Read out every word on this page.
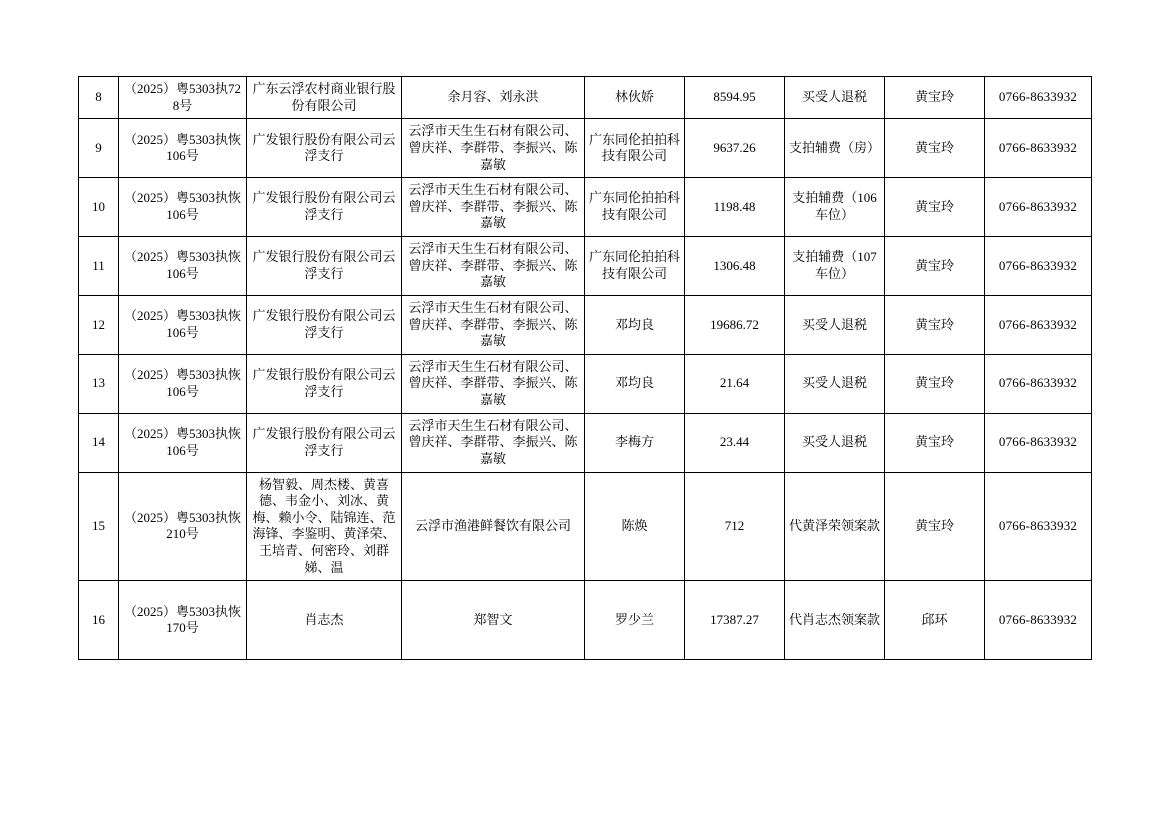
8	（2025）粤5303执728号	广东云浮农村商业银行股份有限公司	余月容、刘永洪	林伙娇	8594.95	买受人退税	黄宝玲	0766-8633932
9	（2025）粤5303执恢106号	广发银行股份有限公司云浮支行	云浮市天生生石材有限公司、曾庆祥、李群带、李振兴、陈嘉敏	广东同伦拍拍科技有限公司	9637.26	支拍辅费（房）	黄宝玲	0766-8633932
10	（2025）粤5303执恢106号	广发银行股份有限公司云浮支行	云浮市天生生石材有限公司、曾庆祥、李群带、李振兴、陈嘉敏	广东同伦拍拍科技有限公司	1198.48	支拍辅费（106车位）	黄宝玲	0766-8633932
11	（2025）粤5303执恢106号	广发银行股份有限公司云浮支行	云浮市天生生石材有限公司、曾庆祥、李群带、李振兴、陈嘉敏	广东同伦拍拍科技有限公司	1306.48	支拍辅费（107车位）	黄宝玲	0766-8633932
12	（2025）粤5303执恢106号	广发银行股份有限公司云浮支行	云浮市天生生石材有限公司、曾庆祥、李群带、李振兴、陈嘉敏	邓均良	19686.72	买受人退税	黄宝玲	0766-8633932
13	（2025）粤5303执恢106号	广发银行股份有限公司云浮支行	云浮市天生生石材有限公司、曾庆祥、李群带、李振兴、陈嘉敏	邓均良	21.64	买受人退税	黄宝玲	0766-8633932
14	（2025）粤5303执恢106号	广发银行股份有限公司云浮支行	云浮市天生生石材有限公司、曾庆祥、李群带、李振兴、陈嘉敏	李梅方	23.44	买受人退税	黄宝玲	0766-8633932
15	（2025）粤5303执恢210号	杨智毅、周杰楼、黄喜德、韦金小、刘冰、黄梅、赖小令、陆锦连、范海锋、李鉴明、黄泽荣、王培青、何密玲、刘群娣、温	云浮市渔港鲜餐饮有限公司	陈焕	712	代黄泽荣领案款	黄宝玲	0766-8633932
16	（2025）粤5303执恢170号	肖志杰	郑智文	罗少兰	17387.27	代肖志杰领案款	邱环	0766-8633932
